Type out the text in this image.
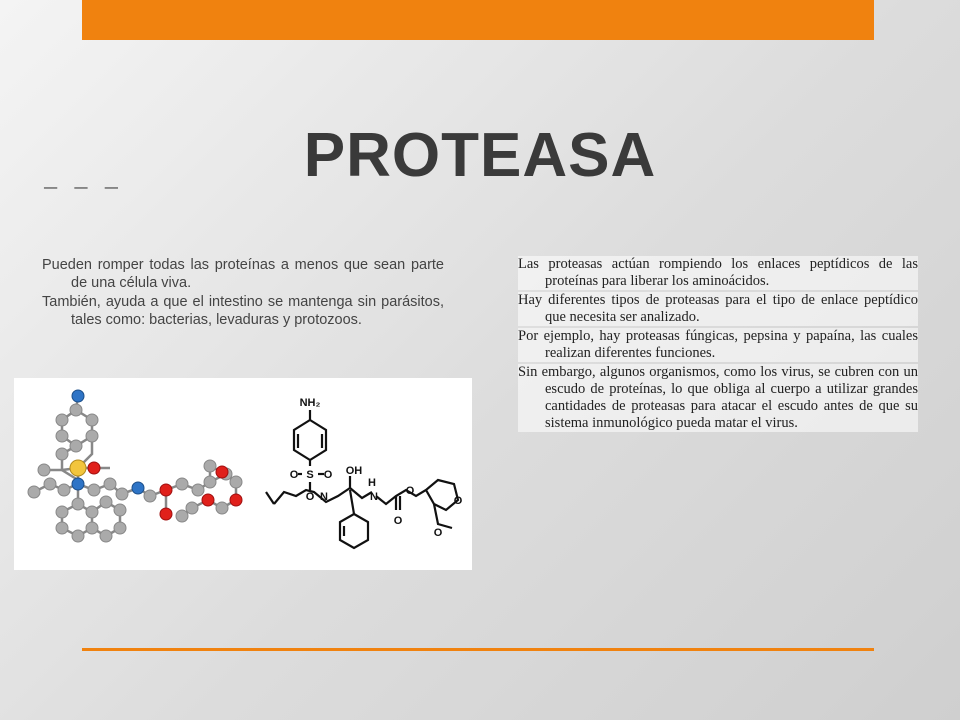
_ _ _	PROTEASA

Pueden romper todas las proteínas a menos que sean parte de una célula viva.

También, ayuda a que el intestino se mantenga sin parásitos, tales como: bacterias, levaduras y protozoos.

Las proteasas actúan rompiendo los enlaces peptídicos de las proteínas para liberar los aminoácidos.

Hay diferentes tipos de proteasas para el tipo de enlace peptídico que necesita ser analizado.

Por ejemplo, hay proteasas fúngicas, pepsina y papaína, las cuales realizan diferentes funciones.

Sin embargo, algunos organismos, como los virus, se cubren con un escudo de proteínas, lo que obliga al cuerpo a utilizar grandes cantidades de proteasas para atacar el escudo antes de que su sistema inmunológico pueda matar el virus.

NH₂
O S O
O N
OH
H
N	O
O
O
O
